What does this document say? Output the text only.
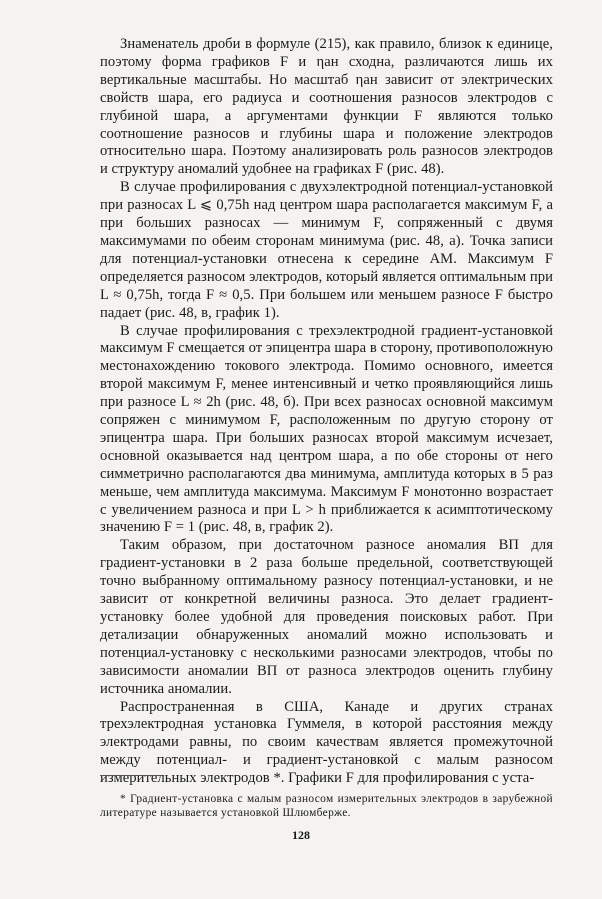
Знаменатель дроби в формуле (215), как правило, близок к единице, поэтому форма графиков F и ηан сходна, различаются лишь их вертикальные масштабы. Но масштаб ηан зависит от электрических свойств шара, его радиуса и соотношения разносов электродов с глубиной шара, а аргументами функции F являются только соотношение разносов и глубины шара и положение электродов относительно шара. Поэтому анализировать роль разносов электродов и структуру аномалий удобнее на графиках F (рис. 48).

В случае профилирования с двухэлектродной потенциал-установкой при разносах L ⩽ 0,75h над центром шара располагается максимум F, а при больших разносах — минимум F, сопряженный с двумя максимумами по обеим сторонам минимума (рис. 48, а). Точка записи для потенциал-установки отнесена к середине AM. Максимум F определяется разносом электродов, который является оптимальным при L ≈ 0,75h, тогда F ≈ 0,5. При большем или меньшем разносе F быстро падает (рис. 48, в, график 1).

В случае профилирования с трехэлектродной градиент-установкой максимум F смещается от эпицентра шара в сторону, противоположную местонахождению токового электрода. Помимо основного, имеется второй максимум F, менее интенсивный и четко проявляющийся лишь при разносе L ≈ 2h (рис. 48, б). При всех разносах основной максимум сопряжен с минимумом F, расположенным по другую сторону от эпицентра шара. При больших разносах второй максимум исчезает, основной оказывается над центром шара, а по обе стороны от него симметрично располагаются два минимума, амплитуда которых в 5 раз меньше, чем амплитуда максимума. Максимум F монотонно возрастает с увеличением разноса и при L > h приближается к асимптотическому значению F = 1 (рис. 48, в, график 2).

Таким образом, при достаточном разносе аномалия ВП для градиент-установки в 2 раза больше предельной, соответствующей точно выбранному оптимальному разносу потенциал-установки, и не зависит от конкретной величины разноса. Это делает градиент-установку более удобной для проведения поисковых работ. При детализации обнаруженных аномалий можно использовать и потенциал-установку с несколькими разносами электродов, чтобы по зависимости аномалии ВП от разноса электродов оценить глубину источника аномалии.

Распространенная в США, Канаде и других странах трехэлектродная установка Гуммеля, в которой расстояния между электродами равны, по своим качествам является промежуточной между потенциал- и градиент-установкой с малым разносом измерительных электродов *. Графики F для профилирования с уста-

* Градиент-установка с малым разносом измерительных электродов в зарубежной литературе называется установкой Шлюмберже.

128
